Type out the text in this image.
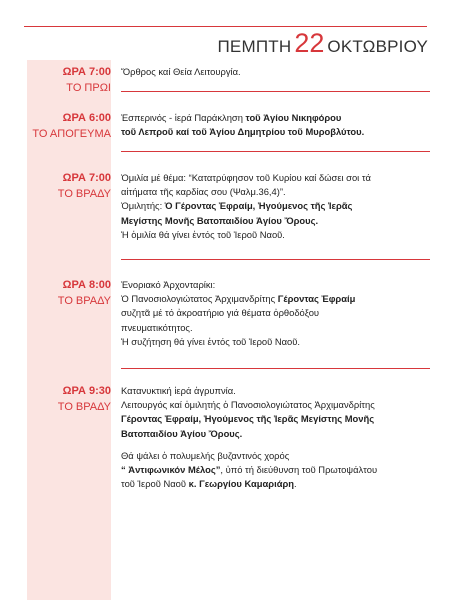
ΠΕΜΠΤΗ 22 ΟΚΤΩΒΡΙΟΥ
ΩΡΑ 7:00
ΤΟ ΠΡΩΙ

Ὄρθρος καί Θεία Λειτουργία.

ΩΡΑ 6:00
ΤΟ ΑΠΟΓΕΥΜΑ

Ἑσπερινός - ἱερά Παράκληση τοῦ Ἁγίου Νικηφόρου

τοῦ Λεπροῦ καί τοῦ Ἁγίου Δημητρίου τοῦ Μυροβλύτου.

ΩΡΑ 7:00
ΤΟ ΒΡΑΔΥ

Ὁμιλία μέ θέμα: “Κατατρύφησον τοῦ Κυρίου καί δώσει σοι τά

αἰτήματα τῆς καρδίας σου (Ψαλμ.36,4)”.

Ὁμιλητής: Ὁ Γέροντας Ἐφραίμ, Ἡγούμενος τῆς Ἱερᾶς

Μεγίστης Μονῆς Βατοπαιδίου Ἁγίου Ὄρους.

Ἡ ὁμιλία θά γίνει ἐντός τοῦ Ἱεροῦ Ναοῦ.

ΩΡΑ 8:00
ΤΟ ΒΡΑΔΥ

Ἐνοριακό Ἀρχονταρίκι:

Ὁ Πανοσιολογιώτατος Ἀρχιμανδρίτης Γέροντας Ἐφραίμ

συζητᾶ μέ τό ἀκροατήριο γιά θέματα ὀρθοδόξου

πνευματικότητος.

Ἡ συζήτηση θά γίνει ἐντός τοῦ Ἱεροῦ Ναοῦ.

ΩΡΑ 9:30
ΤΟ ΒΡΑΔΥ

Κατανυκτική ἱερά ἀγρυπνία.

Λειτουργός καί ὁμιλητής ὁ Πανοσιολογιώτατος Ἀρχιμανδρίτης

Γέροντας Ἐφραίμ, Ἡγούμενος τῆς Ἱερᾶς Μεγίστης Μονῆς

Βατοπαιδίου Ἁγίου Ὄρους.

Θά ψάλει ὁ πολυμελής βυζαντινός χορός

“ Ἀντιφωνικόν Μέλος”, ὑπό τή διεύθυνση τοῦ Πρωτοψάλτου

τοῦ Ἱεροῦ Ναοῦ κ. Γεωργίου Καμαριάρη.
